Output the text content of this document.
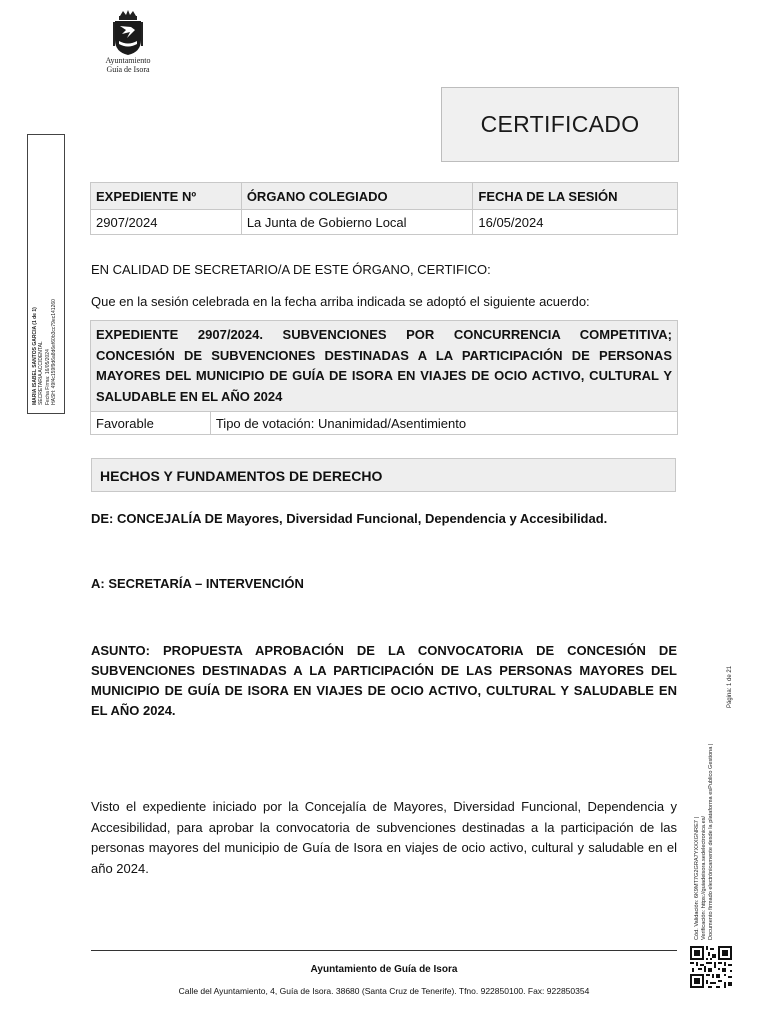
Ayuntamiento
Guía de Isora
CERTIFICADO
MARIA ISABEL SANTOS GARCIA (1 de 1) SECRETARIA ACCIDENTAL Fecha Firma: 16/05/2024 HASH: 49f4c159f9d6a8d6ef60b3cc79ec141260
EXPEDIENTE Nº	ÓRGANO COLEGIADO	FECHA DE LA SESIÓN
2907/2024	La Junta de Gobierno Local	16/05/2024
EN CALIDAD DE SECRETARIO/A DE ESTE ÓRGANO, CERTIFICO:
Que en la sesión celebrada en la fecha arriba indicada se adoptó el siguiente acuerdo:
EXPEDIENTE 2907/2024. SUBVENCIONES POR CONCURRENCIA COMPETITIVA; CONCESIÓN DE SUBVENCIONES DESTINADAS A LA PARTICIPACIÓN DE PERSONAS MAYORES DEL MUNICIPIO DE GUÍA DE ISORA EN VIAJES DE OCIO ACTIVO, CULTURAL Y SALUDABLE EN EL AÑO 2024
Favorable	Tipo de votación: Unanimidad/Asentimiento
HECHOS Y FUNDAMENTOS DE DERECHO
DE: CONCEJALÍA DE Mayores, Diversidad Funcional, Dependencia y Accesibilidad.
A: SECRETARÍA – INTERVENCIÓN
ASUNTO: PROPUESTA APROBACIÓN DE LA CONVOCATORIA DE CONCESIÓN DE SUBVENCIONES DESTINADAS A LA PARTICIPACIÓN DE LAS PERSONAS MAYORES DEL MUNICIPIO DE GUÍA DE ISORA EN VIAJES DE OCIO ACTIVO, CULTURAL Y SALUDABLE EN EL AÑO 2024.
Visto el expediente iniciado por la Concejalía de Mayores, Diversidad Funcional, Dependencia y Accesibilidad, para aprobar la convocatoria de subvenciones destinadas a la participación de las personas mayores del municipio de Guía de Isora en viajes de ocio activo, cultural y saludable en el año 2024.	Cód. Validación: 6K9MT7G2GRA7YXXXGNRE7 | Verificación: https://guiadeisora.sedelectronica.es/ Documento firmado electrónicamente desde la plataforma esPublico Gestiona |
Página: 1 de 21
Ayuntamiento de Guía de Isora
Calle del Ayuntamiento, 4, Guía de Isora. 38680 (Santa Cruz de Tenerife). Tfno. 922850100. Fax: 922850354
